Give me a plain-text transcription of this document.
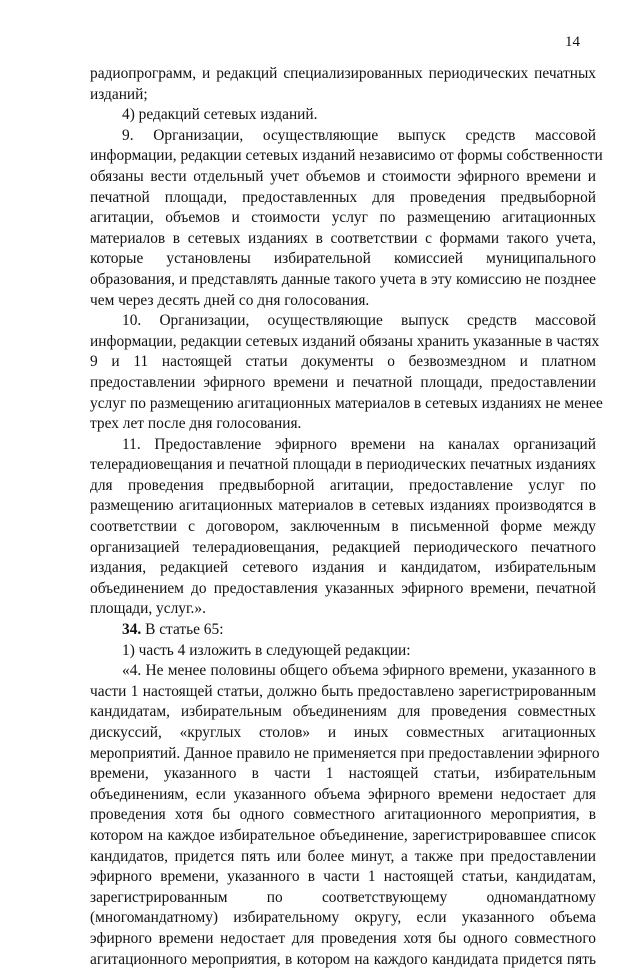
14
радиопрограмм, и редакций специализированных периодических печатных
изданий;
4) редакций сетевых изданий.
9. Организации, осуществляющие выпуск средств массовой
информации, редакции сетевых изданий независимо от формы собственности
обязаны вести отдельный учет объемов и стоимости эфирного времени и
печатной площади, предоставленных для проведения предвыборной
агитации, объемов и стоимости услуг по размещению агитационных
материалов в сетевых изданиях в соответствии с формами такого учета,
которые установлены избирательной комиссией муниципального
образования, и представлять данные такого учета в эту комиссию не позднее
чем через десять дней со дня голосования.
10. Организации, осуществляющие выпуск средств массовой
информации, редакции сетевых изданий обязаны хранить указанные в частях
9 и 11 настоящей статьи документы о безвозмездном и платном
предоставлении эфирного времени и печатной площади, предоставлении
услуг по размещению агитационных материалов в сетевых изданиях не менее
трех лет после дня голосования.
11. Предоставление эфирного времени на каналах организаций
телерадиовещания и печатной площади в периодических печатных изданиях
для проведения предвыборной агитации, предоставление услуг по
размещению агитационных материалов в сетевых изданиях производятся в
соответствии с договором, заключенным в письменной форме между
организацией телерадиовещания, редакцией периодического печатного
издания, редакцией сетевого издания и кандидатом, избирательным
объединением до предоставления указанных эфирного времени, печатной
площади, услуг.».
34. В статье 65:
1) часть 4 изложить в следующей редакции:
«4. Не менее половины общего объема эфирного времени, указанного в
части 1 настоящей статьи, должно быть предоставлено зарегистрированным
кандидатам, избирательным объединениям для проведения совместных
дискуссий, «круглых столов» и иных совместных агитационных
мероприятий. Данное правило не применяется при предоставлении эфирного
времени, указанного в части 1 настоящей статьи, избирательным
объединениям, если указанного объема эфирного времени недостает для
проведения хотя бы одного совместного агитационного мероприятия, в
котором на каждое избирательное объединение, зарегистрировавшее список
кандидатов, придется пять или более минут, а также при предоставлении
эфирного времени, указанного в части 1 настоящей статьи, кандидатам,
зарегистрированным по соответствующему одномандатному
(многомандатному) избирательному округу, если указанного объема
эфирного времени недостает для проведения хотя бы одного совместного
агитационного мероприятия, в котором на каждого кандидата придется пять
